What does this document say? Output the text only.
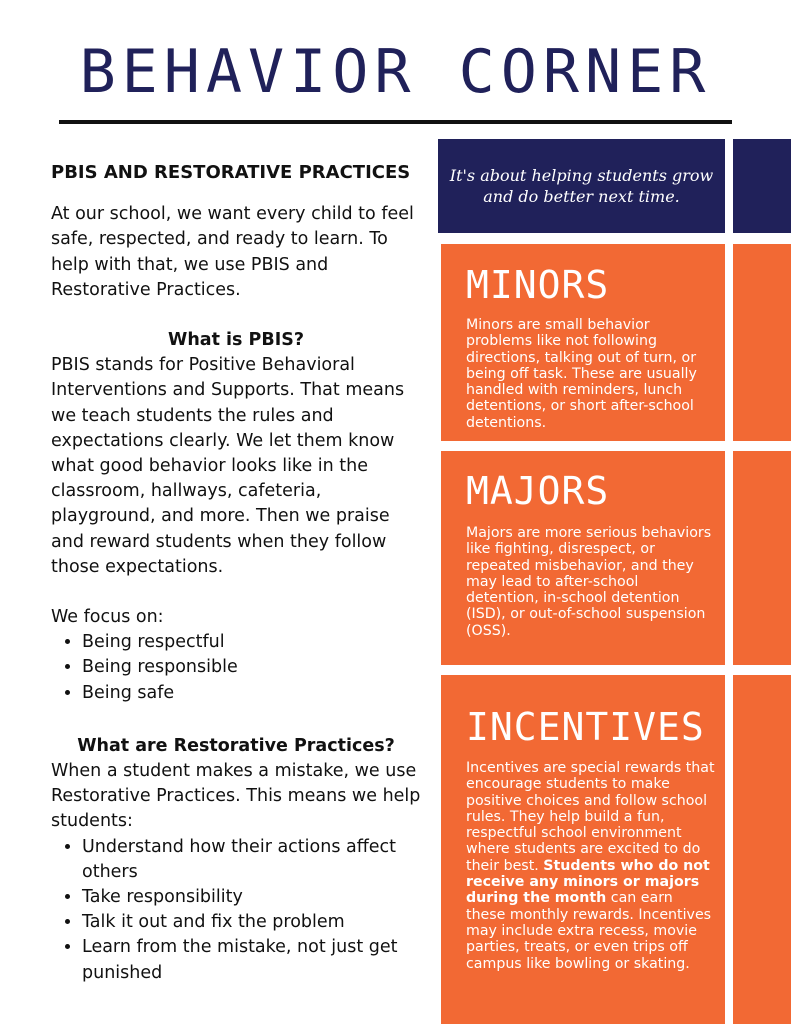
BEHAVIOR CORNER
PBIS AND RESTORATIVE PRACTICES

At our school, we want every child to feel safe, respected, and ready to learn. To help with that, we use PBIS and Restorative Practices.

What is PBIS?

PBIS stands for Positive Behavioral Interventions and Supports. That means we teach students the rules and expectations clearly. We let them know what good behavior looks like in the classroom, hallways, cafeteria, playground, and more. Then we praise and reward students when they follow those expectations.

We focus on:

• Being respectful
• Being responsible
• Being safe
What are Restorative Practices?

When a student makes a mistake, we use Restorative Practices. This means we help students:

• Understand how their actions affect others
• Take responsibility
• Talk it out and fix the problem
• Learn from the mistake, not just get punished
It's about helping students grow and do better next time.
MINORS

Minors are small behavior problems like not following directions, talking out of turn, or being off task. These are usually handled with reminders, lunch detentions, or short after-school detentions.

MAJORS

Majors are more serious behaviors like fighting, disrespect, or repeated misbehavior, and they may lead to after-school detention, in-school detention (ISD), or out-of-school suspension (OSS).

INCENTIVES

Incentives are special rewards that encourage students to make positive choices and follow school rules. They help build a fun, respectful school environment where students are excited to do their best. Students who do not receive any minors or majors during the month can earn these monthly rewards. Incentives may include extra recess, movie parties, treats, or even trips off campus like bowling or skating.
